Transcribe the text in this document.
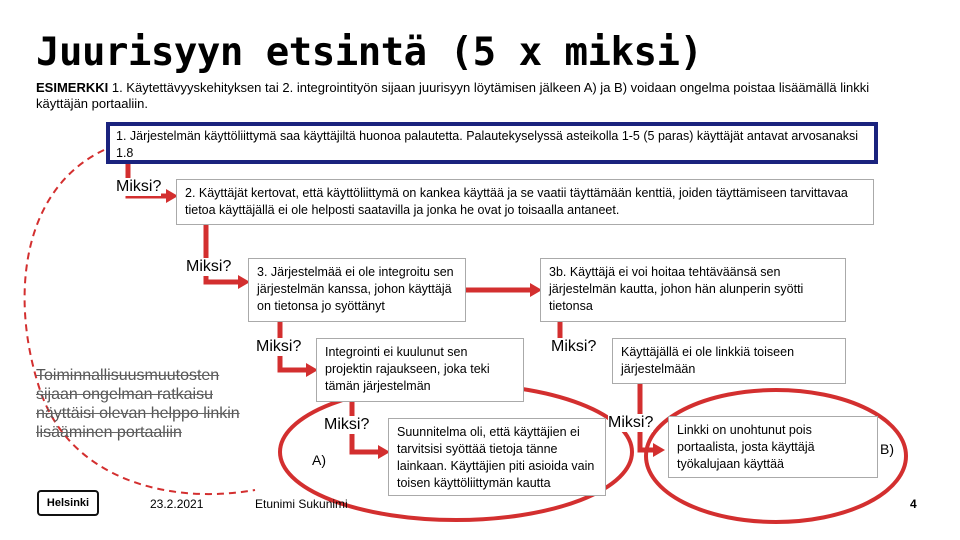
Juurisyyn etsintä (5 x miksi)
ESIMERKKI 1. Käytettävyyskehityksen tai 2. integrointityön sijaan juurisyyn löytämisen jälkeen A) ja B) voidaan ongelma poistaa lisäämällä linkki käyttäjän portaaliin.
1. Järjestelmän käyttöliittymä saa käyttäjiltä huonoa palautetta. Palautekyselyssä asteikolla 1-5 (5 paras) käyttäjät antavat arvosanaksi 1.8
Miksi?	2. Käyttäjät kertovat, että käyttöliittymä on kankea käyttää ja se vaatii täyttämään kenttiä, joiden täyttämiseen tarvittavaa tietoa käyttäjällä ei ole helposti saatavilla ja jonka he ovat jo toisaalla antaneet.
Miksi?	3. Järjestelmää ei ole integroitu sen järjestelmän kanssa, johon käyttäjä on tietonsa jo syöttänyt
3b. Käyttäjä ei voi hoitaa tehtäväänsä sen järjestelmän kautta, johon hän alunperin syötti tietonsa
Miksi?	Integrointi ei kuulunut sen projektin rajaukseen, joka teki tämän järjestelmän
Miksi?	Käyttäjällä ei ole linkkiä toiseen järjestelmään
Miksi?	Suunnitelma oli, että käyttäjien ei tarvitsisi syöttää tietoja tänne lainkaan. Käyttäjien piti asioida vain toisen käyttöliittymän kautta
Miksi?	Linkki on unohtunut pois portaalista, josta käyttäjä työkalujaan käyttää
Toiminnallisuusmuutosten sijaan ongelman ratkaisu näyttäisi olevan helppo linkin lisääminen portaaliin
A)
B)
Helsinki	23.2.2021	Etunimi Sukunimi	4
